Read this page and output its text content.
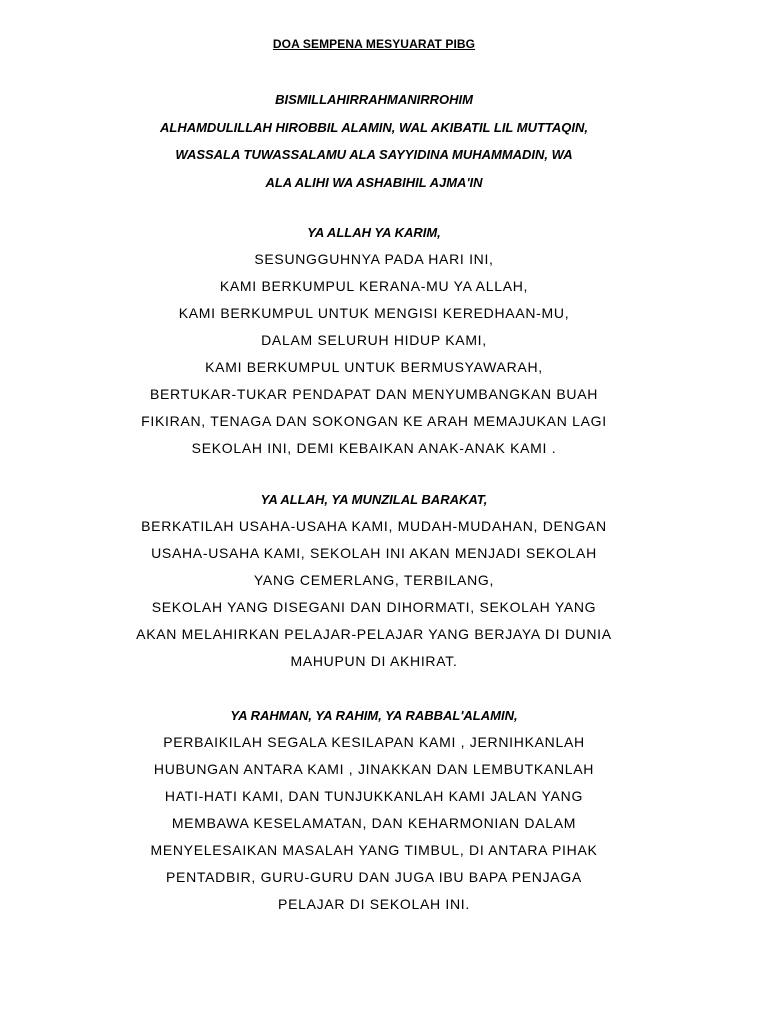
DOA SEMPENA MESYUARAT PIBG
BISMILLAHIRRAHMANIRROHIM
ALHAMDULILLAH HIROBBIL ALAMIN, WAL AKIBATIL LIL MUTTAQIN,
WASSALA TUWASSALAMU ALA SAYYIDINA MUHAMMADIN, WA
ALA ALIHI WA ASHABIHIL AJMA'IN
YA ALLAH YA KARIM,
SESUNGGUHNYA PADA HARI INI,
KAMI BERKUMPUL KERANA-MU YA ALLAH,
KAMI BERKUMPUL UNTUK MENGISI KEREDHAAN-MU,
DALAM SELURUH HIDUP KAMI,
KAMI BERKUMPUL UNTUK BERMUSYAWARAH,
BERTUKAR-TUKAR PENDAPAT DAN MENYUMBANGKAN BUAH
FIKIRAN, TENAGA DAN SOKONGAN KE ARAH MEMAJUKAN LAGI
SEKOLAH INI, DEMI KEBAIKAN ANAK-ANAK KAMI .
YA ALLAH, YA MUNZILAL BARAKAT,
BERKATILAH USAHA-USAHA KAMI, MUDAH-MUDAHAN, DENGAN
USAHA-USAHA KAMI, SEKOLAH INI AKAN MENJADI SEKOLAH
YANG CEMERLANG, TERBILANG,
SEKOLAH YANG DISEGANI DAN DIHORMATI, SEKOLAH YANG
AKAN MELAHIRKAN PELAJAR-PELAJAR YANG BERJAYA DI DUNIA
MAHUPUN DI AKHIRAT.
YA RAHMAN, YA RAHIM, YA RABBAL'ALAMIN,
PERBAIKILAH SEGALA KESILAPAN KAMI , JERNIHKANLAH
HUBUNGAN ANTARA KAMI , JINAKKAN DAN LEMBUTKANLAH
HATI-HATI KAMI, DAN TUNJUKKANLAH KAMI JALAN YANG
MEMBAWA KESELAMATAN, DAN KEHARMONIAN DALAM
MENYELESAIKAN MASALAH YANG TIMBUL, DI ANTARA PIHAK
PENTADBIR, GURU-GURU DAN JUGA IBU BAPA PENJAGA
PELAJAR DI SEKOLAH INI.
